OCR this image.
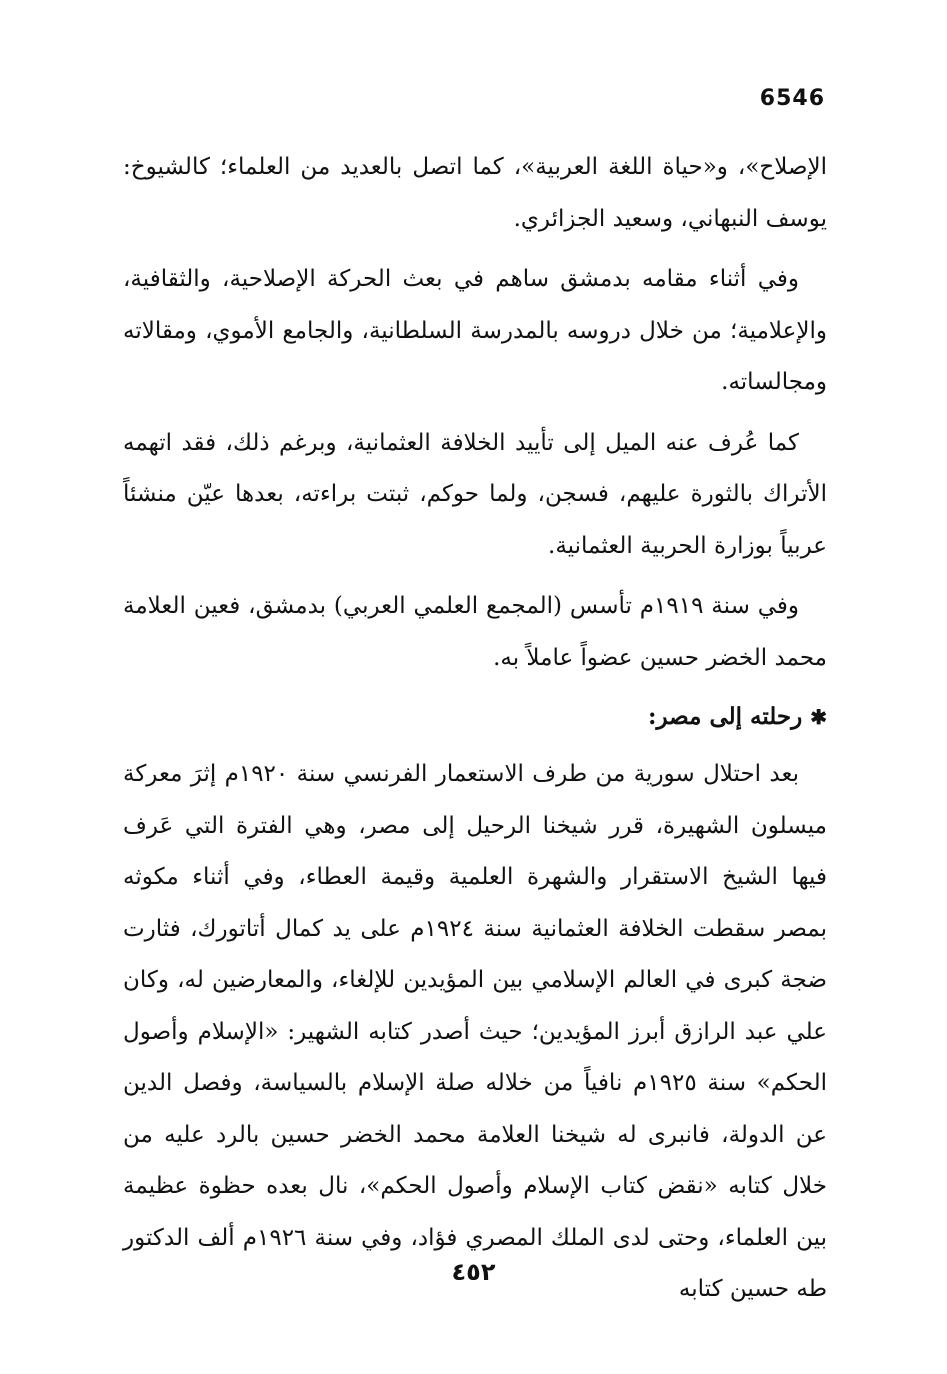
6546

الإصلاح»، و«حياة اللغة العربية»، كما اتصل بالعديد من العلماء؛ كالشيوخ: يوسف النبهاني، وسعيد الجزائري.

وفي أثناء مقامه بدمشق ساهم في بعث الحركة الإصلاحية، والثقافية، والإعلامية؛ من خلال دروسه بالمدرسة السلطانية، والجامع الأموي، ومقالاته ومجالساته.

كما عُرف عنه الميل إلى تأييد الخلافة العثمانية، وبرغم ذلك، فقد اتهمه الأتراك بالثورة عليهم، فسجن، ولما حوكم، ثبتت براءته، بعدها عيّن منشئاً عربياً بوزارة الحربية العثمانية.

وفي سنة ١٩١٩م تأسس (المجمع العلمي العربي) بدمشق، فعين العلامة محمد الخضر حسين عضواً عاملاً به.

✱رحلته إلى مصر:

بعد احتلال سورية من طرف الاستعمار الفرنسي سنة ١٩٢٠م إثرَ معركة ميسلون الشهيرة، قرر شيخنا الرحيل إلى مصر، وهي الفترة التي عَرف فيها الشيخ الاستقرار والشهرة العلمية وقيمة العطاء، وفي أثناء مكوثه بمصر سقطت الخلافة العثمانية سنة ١٩٢٤م على يد كمال أتاتورك، فثارت ضجة كبرى في العالم الإسلامي بين المؤيدين للإلغاء، والمعارضين له، وكان علي عبد الرازق أبرز المؤيدين؛ حيث أصدر كتابه الشهير: «الإسلام وأصول الحكم» سنة ١٩٢٥م نافياً من خلاله صلة الإسلام بالسياسة، وفصل الدين عن الدولة، فانبرى له شيخنا العلامة محمد الخضر حسين بالرد عليه من خلال كتابه «نقض كتاب الإسلام وأصول الحكم»، نال بعده حظوة عظيمة بين العلماء، وحتى لدى الملك المصري فؤاد، وفي سنة ١٩٢٦م ألف الدكتور طه حسين كتابه

٤٥٢
